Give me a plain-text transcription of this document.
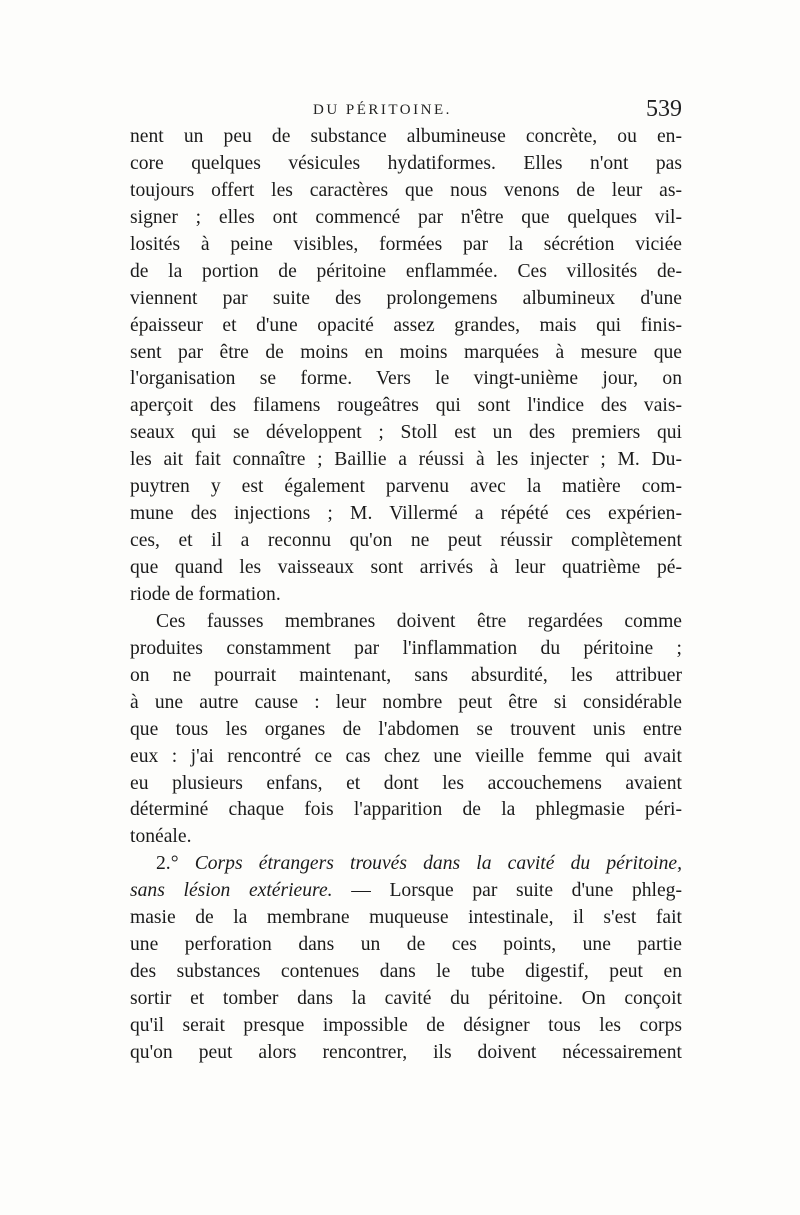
DU PÉRITOINE.	539
nent un peu de substance albumineuse concrète, ou en-
core quelques vésicules hydatiformes. Elles n'ont pas
toujours offert les caractères que nous venons de leur as-
signer ; elles ont commencé par n'être que quelques vil-
losités à peine visibles, formées par la sécrétion viciée
de la portion de péritoine enflammée. Ces villosités de-
viennent par suite des prolongemens albumineux d'une
épaisseur et d'une opacité assez grandes, mais qui finis-
sent par être de moins en moins marquées à mesure que
l'organisation se forme. Vers le vingt-unième jour, on
aperçoit des filamens rougeâtres qui sont l'indice des vais-
seaux qui se développent ; Stoll est un des premiers qui
les ait fait connaître ; Baillie a réussi à les injecter ; M. Du-
puytren y est également parvenu avec la matière com-
mune des injections ; M. Villermé a répété ces expérien-
ces, et il a reconnu qu'on ne peut réussir complètement
que quand les vaisseaux sont arrivés à leur quatrième pé-
riode de formation.
Ces fausses membranes doivent être regardées comme
produites constamment par l'inflammation du péritoine ;
on ne pourrait maintenant, sans absurdité, les attribuer
à une autre cause : leur nombre peut être si considérable
que tous les organes de l'abdomen se trouvent unis entre
eux : j'ai rencontré ce cas chez une vieille femme qui avait
eu plusieurs enfans, et dont les accouchemens avaient
déterminé chaque fois l'apparition de la phlegmasie péri-
tonéale.
2.° Corps étrangers trouvés dans la cavité du péritoine,
sans lésion extérieure. — Lorsque par suite d'une phleg-
masie de la membrane muqueuse intestinale, il s'est fait
une perforation dans un de ces points, une partie
des substances contenues dans le tube digestif, peut en
sortir et tomber dans la cavité du péritoine. On conçoit
qu'il serait presque impossible de désigner tous les corps
qu'on peut alors rencontrer, ils doivent nécessairement
